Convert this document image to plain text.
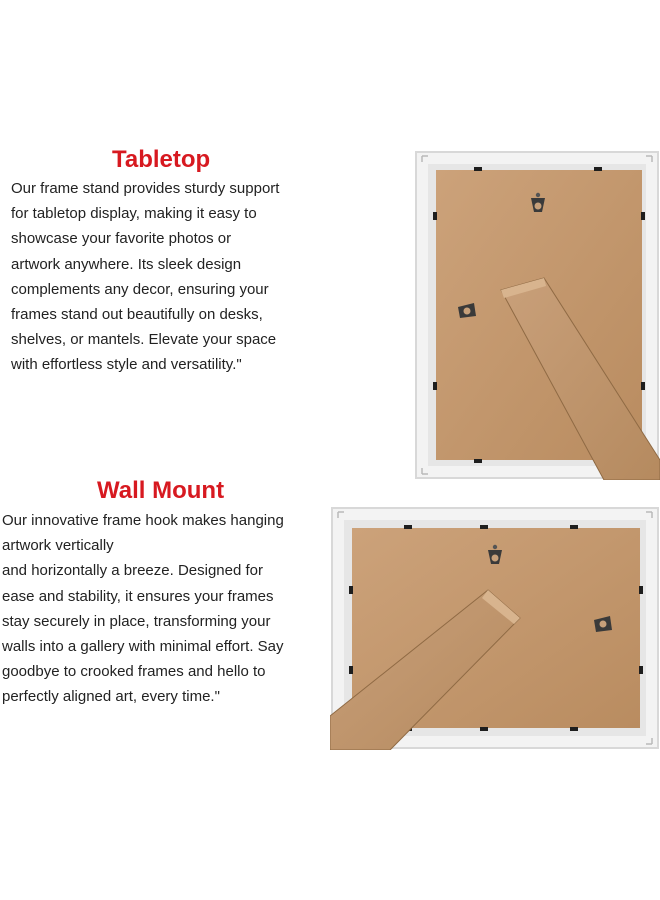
Tabletop

Our frame stand provides sturdy support
for tabletop display, making it easy to
showcase your favorite photos or
artwork anywhere. Its sleek design
complements any decor, ensuring your
frames stand out beautifully on desks,
shelves, or mantels. Elevate your space
with effortless style and versatility."

Wall Mount

Our innovative frame hook makes hanging
artwork vertically
and horizontally a breeze. Designed for
ease and stability, it ensures your frames
stay securely in place, transforming your
walls into a gallery with minimal effort. Say
goodbye to crooked frames and hello to
perfectly aligned art, every time."
